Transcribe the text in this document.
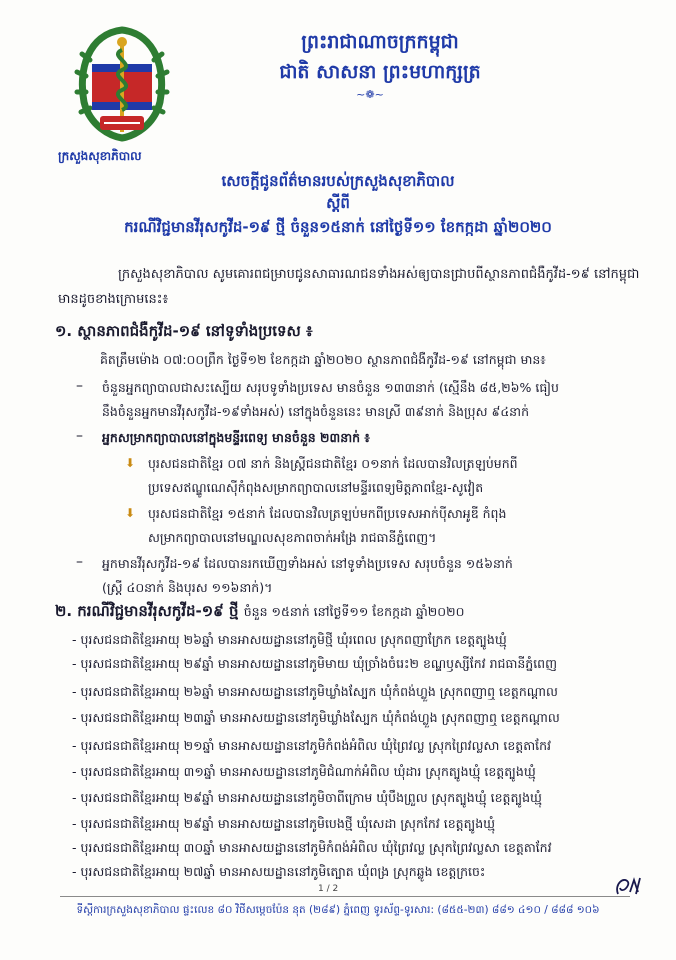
ក្រសួងសុខាភិបាល
ព្រះរាជាណាចក្រកម្ពុជា
ជាតិ សាសនា ព្រះមហាក្សត្រ
~❁~
សេចក្តីជូនព័ត៌មានរបស់ក្រសួងសុខាភិបាល
ស្តីពី
ករណីវិជ្ជមានវីរុសកូវីដ-១៩ ថ្មី ចំនួន១៥នាក់ នៅថ្ងៃទី១១ ខែកក្កដា ឆ្នាំ២០២០
ក្រសួងសុខាភិបាល សូមគោរពជម្រាបជូនសាធារណជនទាំងអស់ឲ្យបានជ្រាបពីស្ថានភាពជំងឺកូវីដ-១៩ នៅកម្ពុជា មានដូចខាងក្រោមនេះ៖
១. ស្ថានភាពជំងឺកូវីដ-១៩ នៅទូទាំងប្រទេស ៖
គិតត្រឹមម៉ោង ០៧:០០ព្រឹក ថ្ងៃទី១២ ខែកក្កដា ឆ្នាំ២០២០ ស្ថានភាពជំងឺកូវីដ-១៩ នៅកម្ពុជា មាន៖
– ចំនួនអ្នកព្យាបាលជាសះស្បើយ សរុបទូទាំងប្រទេស មានចំនួន ១៣៣នាក់ (ស្មើនឹង ៨៥,២៦% ធៀប
នឹងចំនួនអ្នកមានវីរុសកូវីដ-១៩ទាំងអស់) នៅក្នុងចំនួននេះ មានស្រី ៣៩នាក់ និងប្រុស ៩៤នាក់
– អ្នកសម្រាកព្យាបាលនៅក្នុងមន្ទីរពេទ្យ មានចំនួន ២៣នាក់ ៖
⬇ បុរសជនជាតិខ្មែរ ០៧ នាក់ និងស្ត្រីជនជាតិខ្មែរ ០១នាក់ ដែលបានវិលត្រឡប់មកពី
ប្រទេសឥណ្ឌូណេស៊ីកំពុងសម្រាកព្យាបាលនៅមន្ទីរពេទ្យមិត្តភាពខ្មែរ-សូវៀត
⬇ បុរសជនជាតិខ្មែរ ១៥នាក់ ដែលបានវិលត្រឡប់មកពីប្រទេសអាក់ប៉ីសាអូឌី កំពុង
សម្រាកព្យាបាលនៅមណ្ឌលសុខភាពចាក់អង្រែ រាជធានីភ្នំពេញ។
– អ្នកមានវីរុសកូវីដ-១៩ ដែលបានរកឃើញទាំងអស់ នៅទូទាំងប្រទេស សរុបចំនួន ១៥៦នាក់
(ស្ត្រី ៤០នាក់ និងបុរស ១១៦នាក់)។
២. ករណីវិជ្ជមានវីរុសកូវីដ-១៩ ថ្មី ចំនួន ១៥នាក់ នៅថ្ងៃទី១១ ខែកក្កដា ឆ្នាំ២០២០
- បុរសជនជាតិខ្មែរអាយុ ២៦ឆ្នាំ មានអាសយដ្ឋាននៅភូមិថ្មី ឃុំរពេល ស្រុកពញាក្រែក ខេត្តត្បូងឃ្មុំ
- បុរសជនជាតិខ្មែរអាយុ ២៩ឆ្នាំ មានអាសយដ្ឋាននៅភូមិមាយ ឃុំច្រាំងចំរេះ២ ខណ្ឌឫស្សីកែវ រាជធានីភ្នំពេញ
- បុរសជនជាតិខ្មែរអាយុ ២៦ឆ្នាំ មានអាសយដ្ឋាននៅភូមិឃ្លាំងស្បែក ឃុំកំពង់ហ្លួង ស្រុកពញាឮ ខេត្តកណ្តាល
- បុរសជនជាតិខ្មែរអាយុ ២៣ឆ្នាំ មានអាសយដ្ឋាននៅភូមិឃ្លាំងស្បែក ឃុំកំពង់ហ្លួង ស្រុកពញាឮ ខេត្តកណ្តាល
- បុរសជនជាតិខ្មែរអាយុ ២១ឆ្នាំ មានអាសយដ្ឋាននៅភូមិកំពង់អំពិល ឃុំព្រៃវល្ល ស្រុកព្រៃវល្លសា ខេត្តតាកែវ
- បុរសជនជាតិខ្មែរអាយុ ៣១ឆ្នាំ មានអាសយដ្ឋាននៅភូមិជំណាក់អំពិល ឃុំដារ ស្រុកត្បូងឃ្មុំ ខេត្តត្បូងឃ្មុំ
- បុរសជនជាតិខ្មែរអាយុ ២៩ឆ្នាំ មានអាសយដ្ឋាននៅភូមិចាពីក្រោម ឃុំបឹងព្រួល ស្រុកត្បូងឃ្មុំ ខេត្តត្បូងឃ្មុំ
- បុរសជនជាតិខ្មែរអាយុ ២៩ឆ្នាំ មានអាសយដ្ឋាននៅភូមិបេងថ្មី ឃុំសេដា ស្រុកកែវ ខេត្តត្បូងឃ្មុំ
- បុរសជនជាតិខ្មែរអាយុ ៣០ឆ្នាំ មានអាសយដ្ឋាននៅភូមិកំពង់អំពិល ឃុំព្រៃវល្ល ស្រុកព្រៃវល្លសា ខេត្តតាកែវ
1 / 2
ទីស្តីការក្រសួងសុខាភិបាល ផ្ទះលេខ ៨០ វិថីសម្តេចប៉ែន នុត (២៨៩) ភ្នំពេញ ទូរស័ព្ទ-ទូរសារ: (៨៥៥-២៣) ៨៨១ ៤១០ / ៨៨៨ ១០៦
- បុរសជនជាតិខ្មែរអាយុ ២៧ឆ្នាំ មានអាសយដ្ឋាននៅភូមិត្បោត ឃុំពង្រ ស្រុកឆ្លូង ខេត្តក្រចេះ
